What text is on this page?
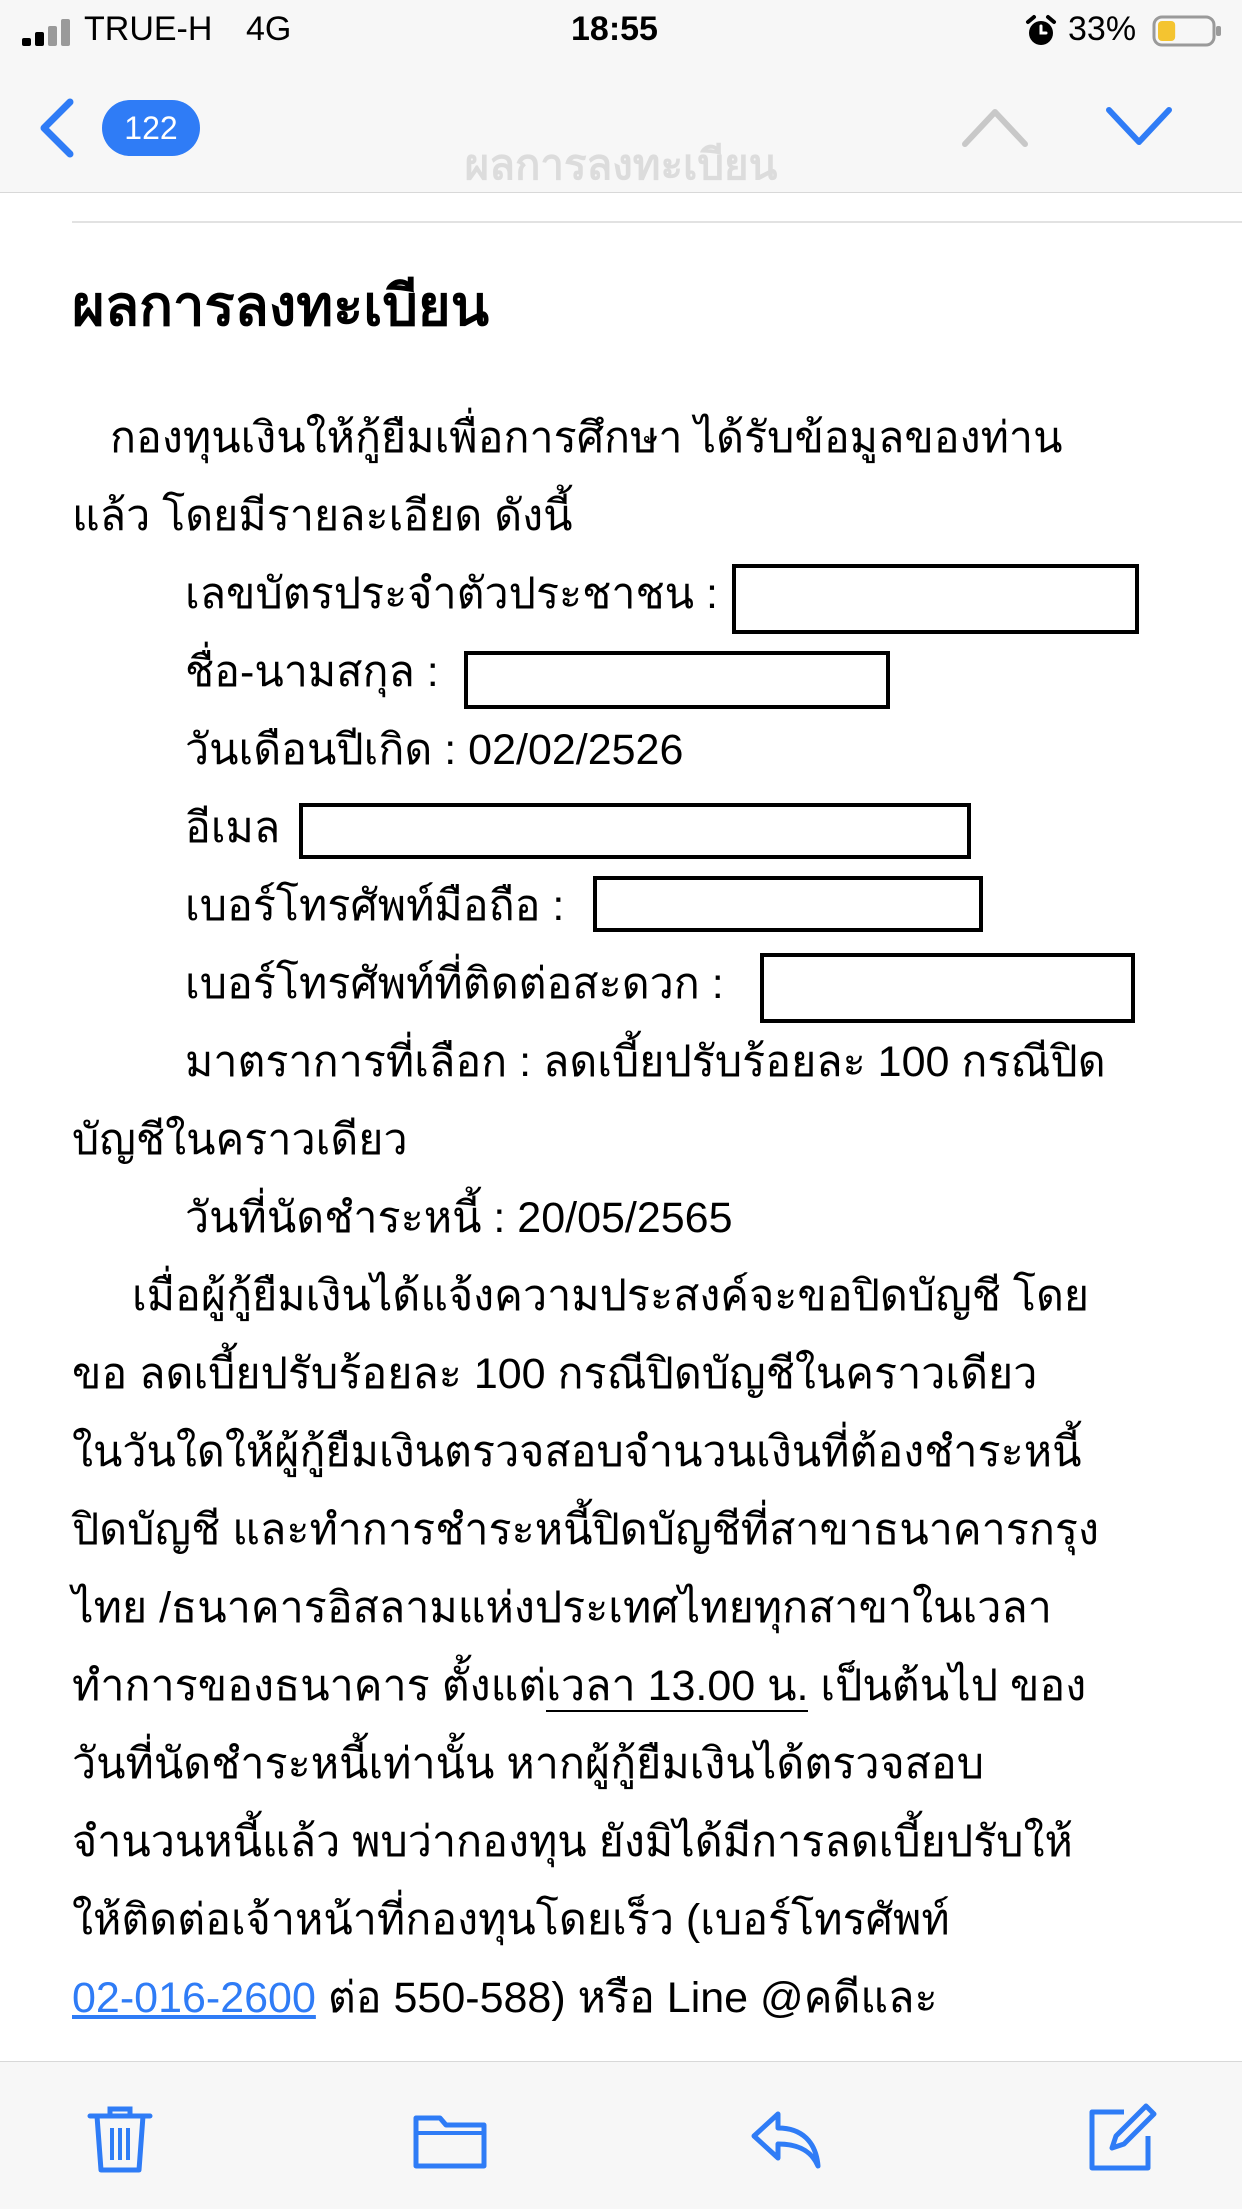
TRUE-H 4G	18:55	33%
122
ผลการลงทะเบียน
ผลการลงทะเบียน
กองทุนเงินให้กู้ยืมเพื่อการศึกษา ได้รับข้อมูลของท่าน
แล้ว โดยมีรายละเอียด ดังนี้
เลขบัตรประจำตัวประชาชน :
ชื่อ-นามสกุล :
วันเดือนปีเกิด : 02/02/2526
อีเมล
เบอร์โทรศัพท์มือถือ :
เบอร์โทรศัพท์ที่ติดต่อสะดวก :
มาตราการที่เลือก : ลดเบี้ยปรับร้อยละ 100 กรณีปิด
บัญชีในคราวเดียว
วันที่นัดชำระหนี้ : 20/05/2565
เมื่อผู้กู้ยืมเงินได้แจ้งความประสงค์จะขอปิดบัญชี โดย
ขอ ลดเบี้ยปรับร้อยละ 100 กรณีปิดบัญชีในคราวเดียว
ในวันใดให้ผู้กู้ยืมเงินตรวจสอบจำนวนเงินที่ต้องชำระหนี้
ปิดบัญชี และทำการชำระหนี้ปิดบัญชีที่สาขาธนาคารกรุง
ไทย /ธนาคารอิสลามแห่งประเทศไทยทุกสาขาในเวลา
ทำการของธนาคาร ตั้งแต่เวลา 13.00 น. เป็นต้นไป ของ
วันที่นัดชำระหนี้เท่านั้น หากผู้กู้ยืมเงินได้ตรวจสอบ
จำนวนหนี้แล้ว พบว่ากองทุน ยังมิได้มีการลดเบี้ยปรับให้
ให้ติดต่อเจ้าหน้าที่กองทุนโดยเร็ว (เบอร์โทรศัพท์
02-016-2600 ต่อ 550-588) หรือ Line @คดีและ
